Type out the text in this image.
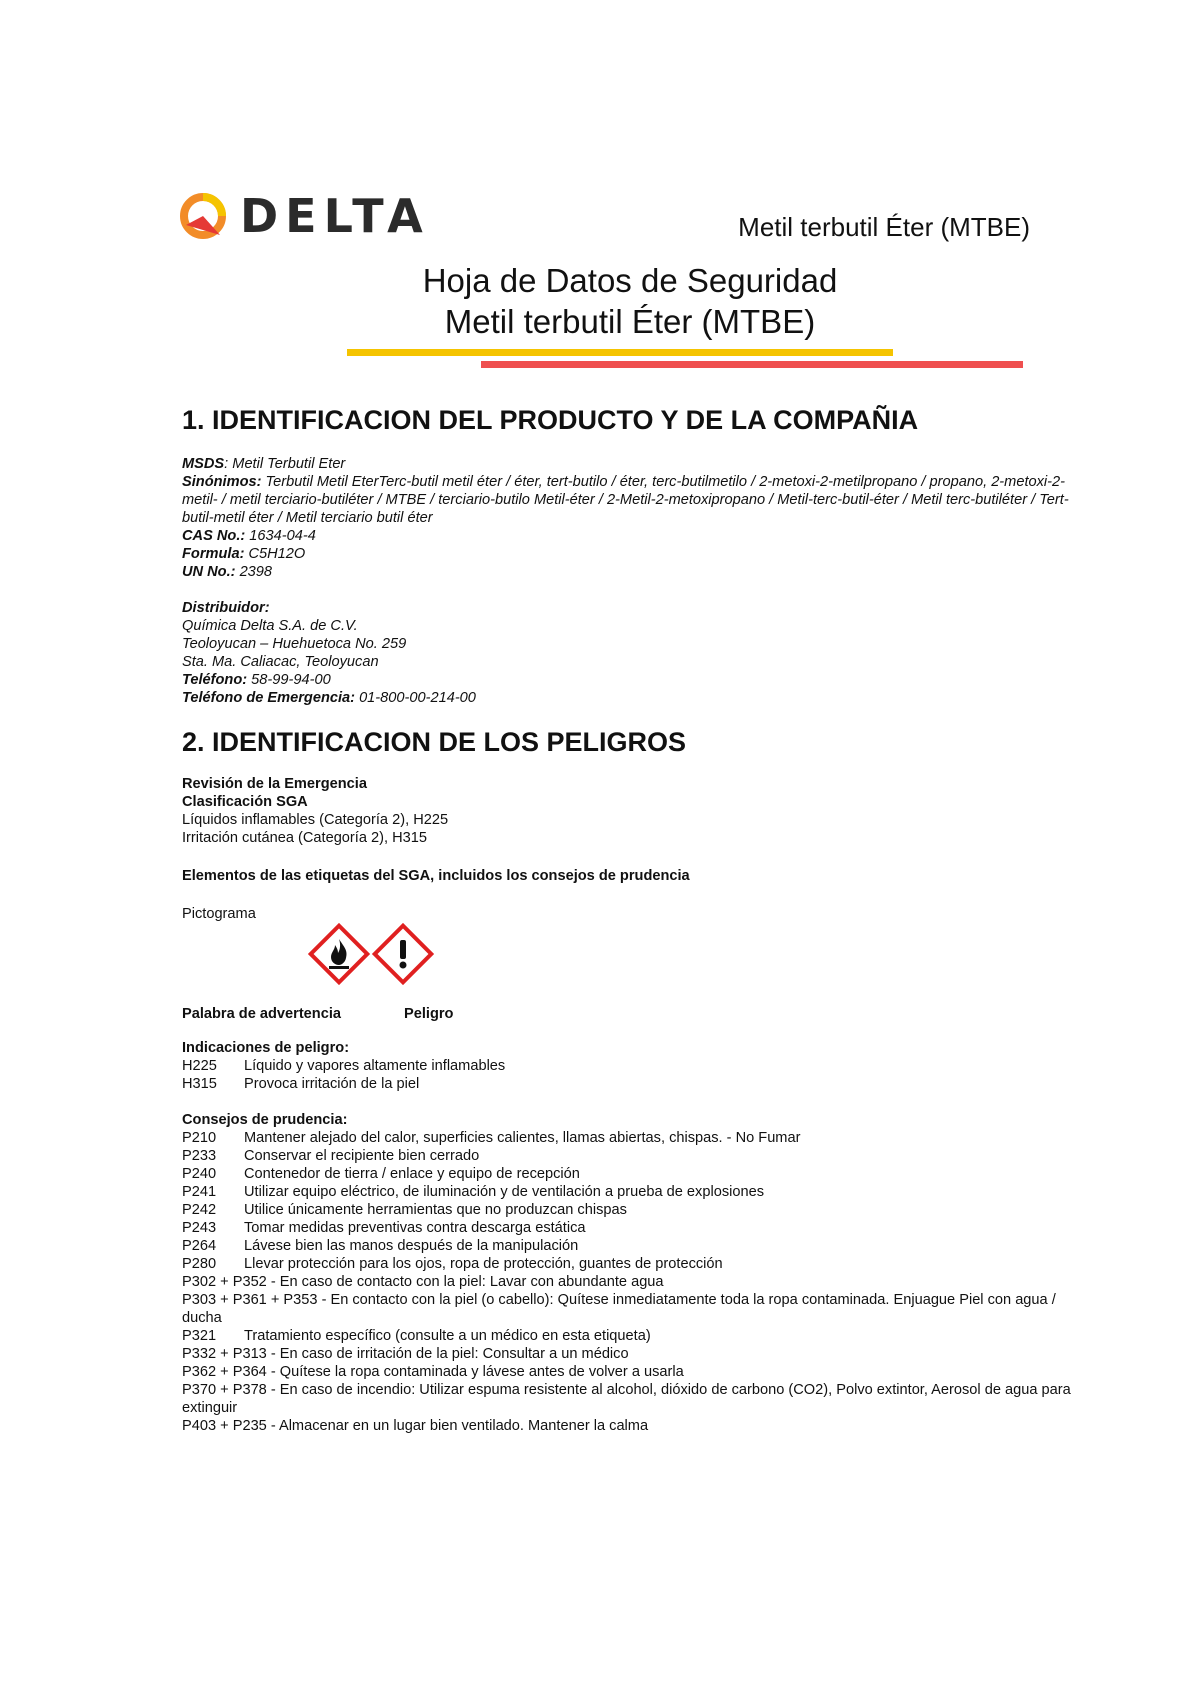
DELTA	Metil terbutil Éter (MTBE)
Hoja de Datos de Seguridad
Metil terbutil Éter (MTBE)
1. IDENTIFICACION DEL PRODUCTO Y DE LA COMPAÑIA
MSDS: Metil Terbutil Eter
Sinónimos: Terbutil Metil EterTerc-butil metil éter / éter, tert-butilo / éter, terc-butilmetilo / 2-metoxi-2-metilpropano / propano, 2-metoxi-2-metil- / metil terciario-butiléter / MTBE / terciario-butilo Metil-éter / 2-Metil-2-metoxipropano / Metil-terc-butil-éter / Metil terc-butiléter / Tert-butil-metil éter / Metil terciario butil éter
CAS No.: 1634-04-4
Formula: C5H12O
UN No.: 2398
Distribuidor:
Química Delta S.A. de C.V.
Teoloyucan – Huehuetoca No. 259
Sta. Ma. Caliacac, Teoloyucan
Teléfono: 58-99-94-00
Teléfono de Emergencia: 01-800-00-214-00
2. IDENTIFICACION DE LOS PELIGROS
Revisión de la Emergencia
Clasificación SGA
Líquidos inflamables (Categoría 2), H225
Irritación cutánea (Categoría 2), H315
Elementos de las etiquetas del SGA, incluidos los consejos de prudencia
Pictograma
Palabra de advertencia	Peligro
Indicaciones de peligro:
H225	Líquido y vapores altamente inflamables
H315	Provoca irritación de la piel
Consejos de prudencia:
P210	Mantener alejado del calor, superficies calientes, llamas abiertas, chispas. - No Fumar
P233	Conservar el recipiente bien cerrado
P240	Contenedor de tierra / enlace y equipo de recepción
P241	Utilizar equipo eléctrico, de iluminación y de ventilación a prueba de explosiones
P242	Utilice únicamente herramientas que no produzcan chispas
P243	Tomar medidas preventivas contra descarga estática
P264	Lávese bien las manos después de la manipulación
P280	Llevar protección para los ojos, ropa de protección, guantes de protección
P302 + P352 - En caso de contacto con la piel: Lavar con abundante agua
P303 + P361 + P353 - En contacto con la piel (o cabello): Quítese inmediatamente toda la ropa contaminada. Enjuague Piel con agua / ducha
P321	Tratamiento específico (consulte a un médico en esta etiqueta)
P332 + P313 - En caso de irritación de la piel: Consultar a un médico
P362 + P364 - Quítese la ropa contaminada y lávese antes de volver a usarla
P370 + P378 - En caso de incendio: Utilizar espuma resistente al alcohol, dióxido de carbono (CO2), Polvo extintor, Aerosol de agua para extinguir
P403 + P235 - Almacenar en un lugar bien ventilado. Mantener la calma
